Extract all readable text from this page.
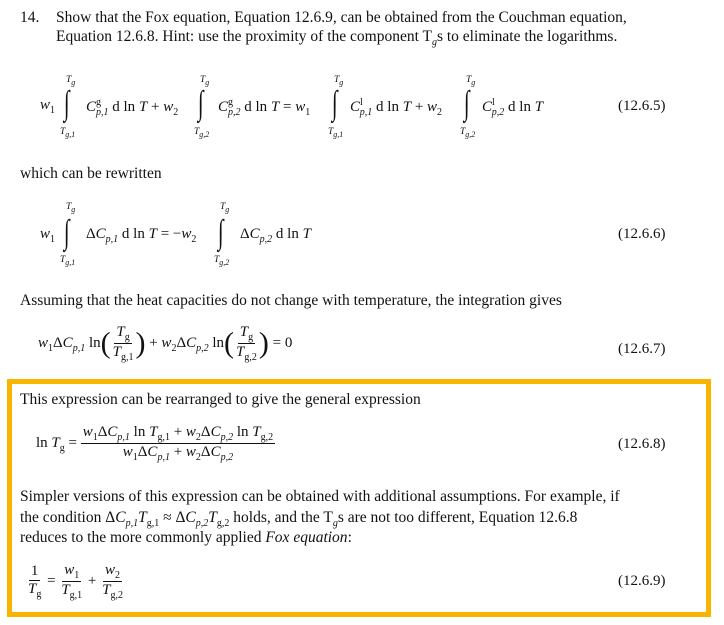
14. Show that the Fox equation, Equation 12.6.9, can be obtained from the Couchman equation,
Equation 12.6.8. Hint: use the proximity of the component $T_gs$ to eliminate the logarithms.
$w_1$
$T_g$
∫
$T_{g,1}$
$C^g_{p,1}$ d $\ln T + w_2$
$T_g$
∫
$T_{g,2}$
$C^g_{p,2}$ d $\ln T = w_1$
$T_g$
∫
$T_{g,1}$
$C^l_{p,1}$ d $\ln T + w_2$
$T_g$
∫
$T_{g,2}$
$C^l_{p,2}$ d ln T	(12.6.5)
which can be rewritten
$w_1$
$T_g$
∫
$T_{g,1}$
$\Delta C_{p,1}$ d $\ln T = -w_2$
$T_g$
∫
$T_{g,2}$
$\Delta C_{p,2}$ d ln T	(12.6.6)
Assuming that the heat capacities do not change with temperature, the integration gives
$w_1\Delta C_{p,1}$ $\ln( \frac{T_g}{T_{g,1}}$ ) + $w_2\Delta C_{p,2}$ $\ln( \frac{T_g}{T_{g,2}}$ ) = 0	(12.6.7)
This expression can be rearranged to give the general expression
$\ln T_g = \frac{w_1\Delta C_{p,1} \ln T_{g,1} + w_2\Delta C_{p,2} \ln T_{g,2}}{w_1\Delta C_{p,1} + w_2\Delta C_{p,2}}$	(12.6.8)
Simpler versions of this expression can be obtained with additional assumptions. For example, if
the condition $\Delta C_{p,1}T_{g,1} \approx \Delta C_{p,2}T_{g,2}$ holds, and the $T_gs$ are not too different, Equation 12.6.8
reduces to the more commonly applied Fox equation:
$\frac{1}{T_g} = \frac{w_1}{T_{g,1}} + \frac{w_2}{T_{g,2}}$	(12.6.9)
